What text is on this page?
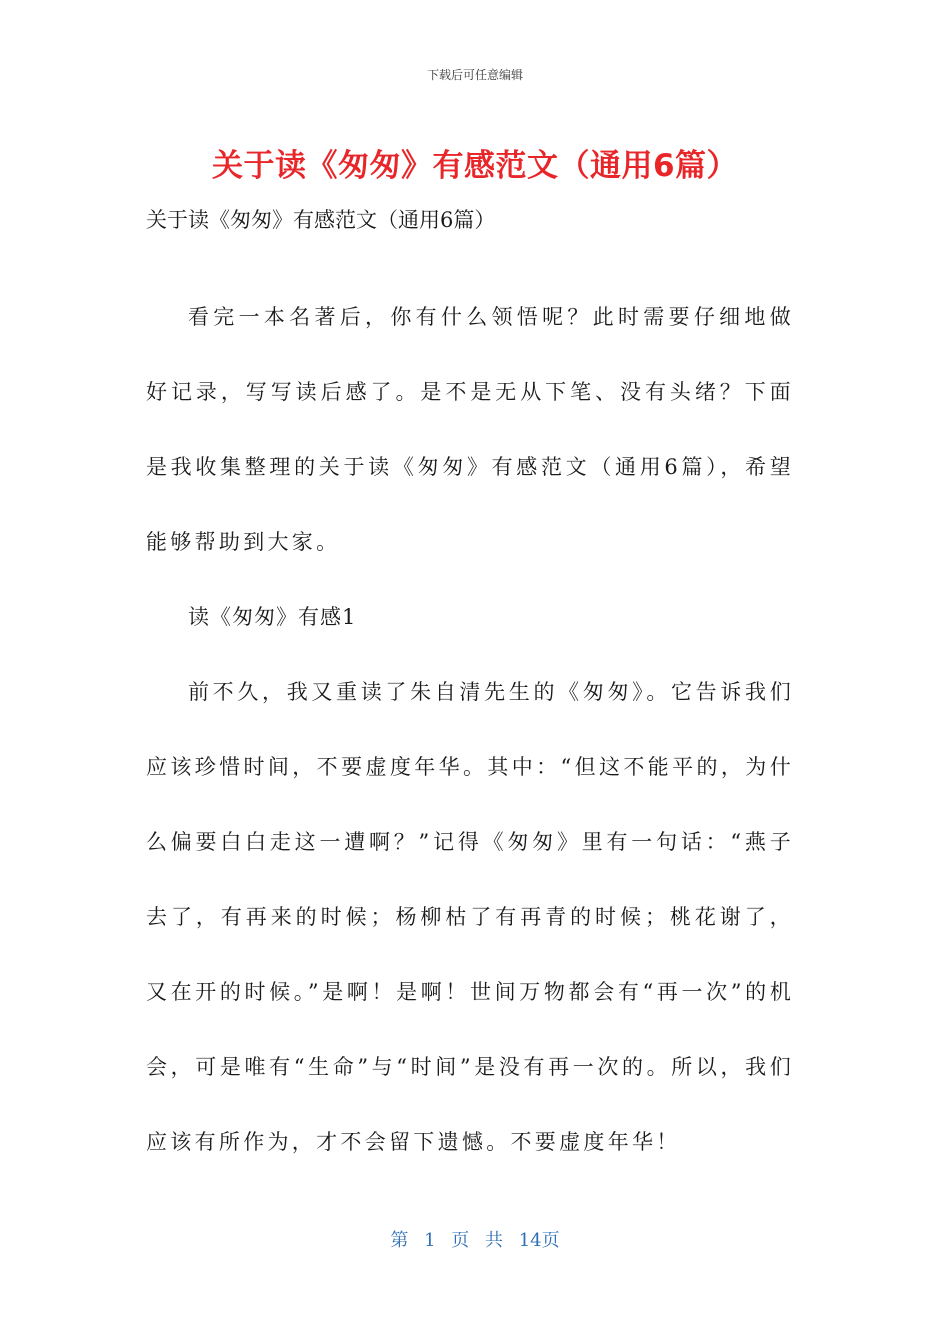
下载后可任意编辑
关于读《匆匆》有感范文（通用6篇）

关于读《匆匆》有感范文（通用6篇）

看完一本名著后，你有什么领悟呢？此时需要仔细地做好记录，写写读后感了。是不是无从下笔、没有头绪？下面是我收集整理的关于读《匆匆》有感范文（通用6篇），希望能够帮助到大家。

读《匆匆》有感1

前不久，我又重读了朱自清先生的《匆匆》。它告诉我们应该珍惜时间，不要虚度年华。其中：“但这不能平的，为什么偏要白白走这一遭啊？”记得《匆匆》里有一句话：“燕子去了，有再来的时候；杨柳枯了有再青的时候；桃花谢了，又在开的时候。”是啊！是啊！世间万物都会有“再一次”的机会，可是唯有“生命”与“时间”是没有再一次的。所以，我们应该有所作为，才不会留下遗憾。不要虚度年华！

第 1 页 共 14页
